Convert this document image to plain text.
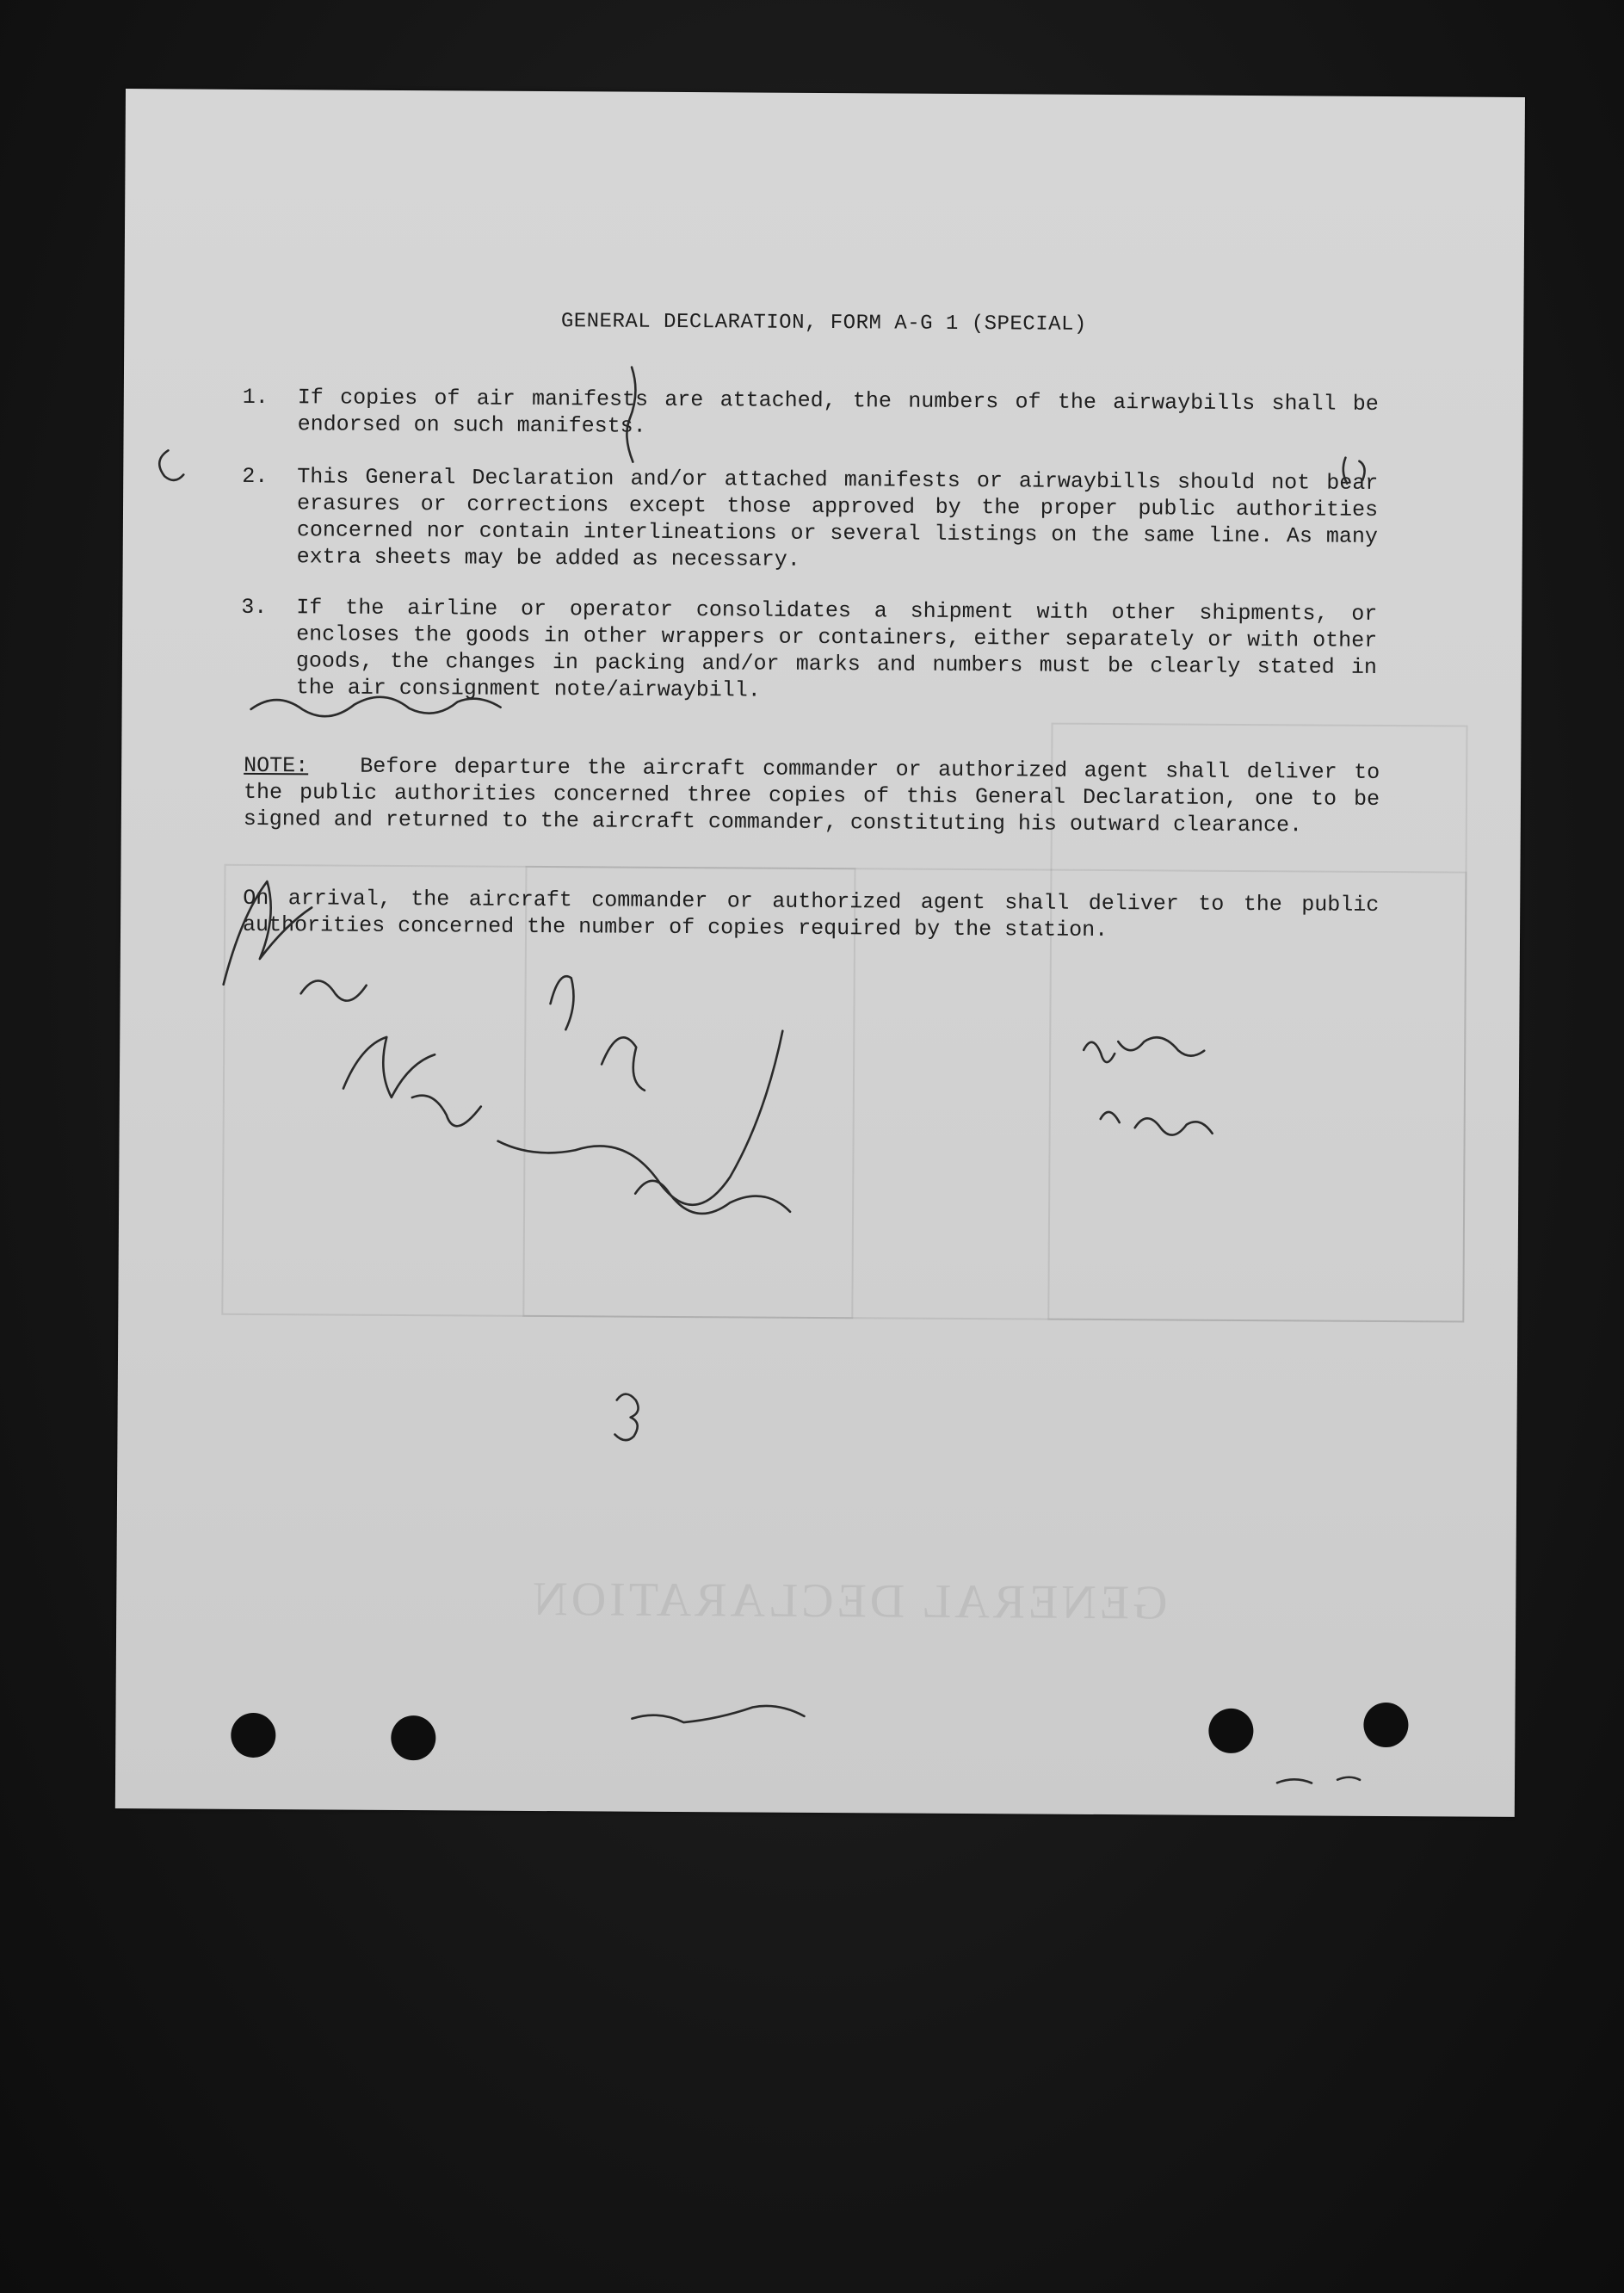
GENERAL DECLARATION
GENERAL DECLARATION, FORM A-G 1 (SPECIAL)
1.	If copies of air manifests are attached, the numbers of the airwaybills shall be endorsed on such manifests.
2.	This General Declaration and/or attached manifests or airwaybills should not bear erasures or corrections except those approved by the proper public authorities concerned nor contain interlineations or several listings on the same line. As many extra sheets may be added as necessary.
3.	If the airline or operator consolidates a shipment with other shipments, or encloses the goods in other wrappers or containers, either separately or with other goods, the changes in packing and/or marks and numbers must be clearly stated in the air consignment note/airwaybill.
NOTE: Before departure the aircraft commander or authorized agent shall deliver to the public authorities concerned three copies of this General Declaration, one to be signed and returned to the aircraft commander, constituting his outward clearance.
On arrival, the aircraft commander or authorized agent shall deliver to the public authorities concerned the number of copies required by the station.
